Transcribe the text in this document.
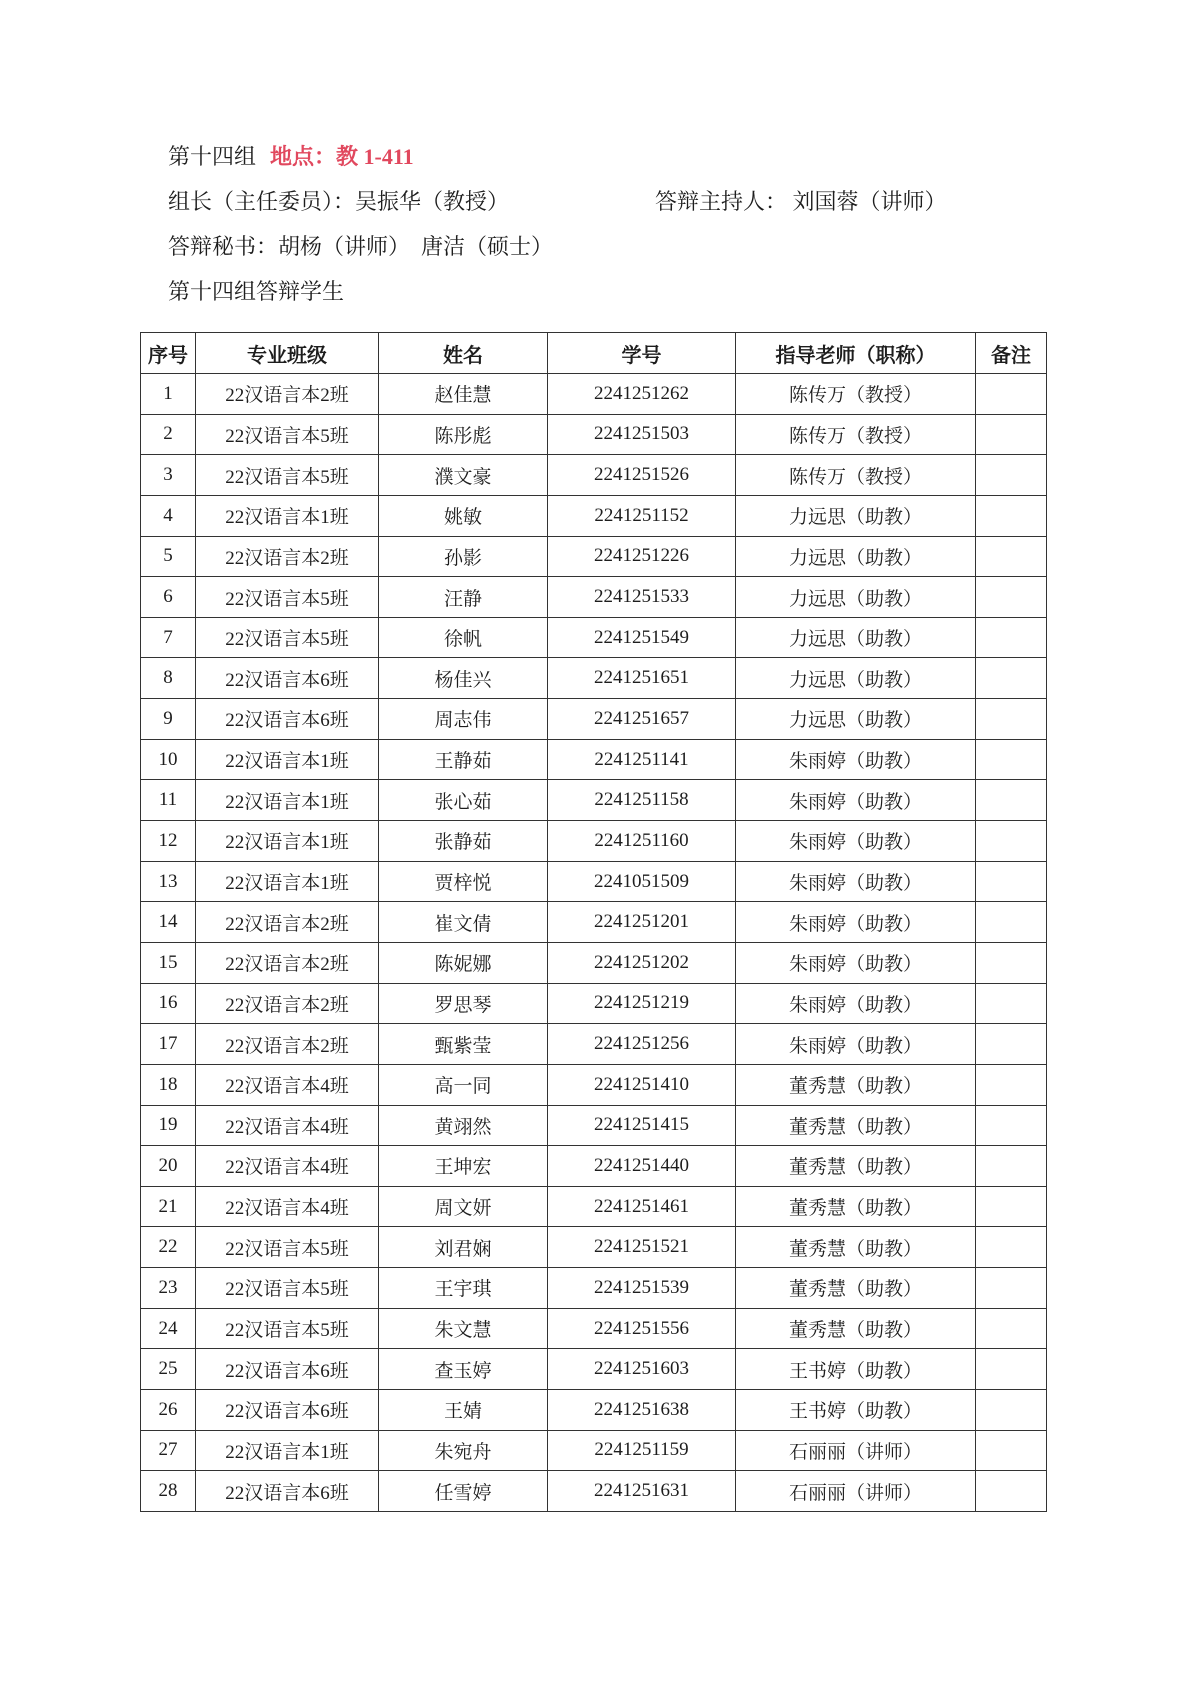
第十四组 地点：教 1-411
组长（主任委员）：吴振华（教授）	答辩主持人： 刘国蓉（讲师）
答辩秘书：胡杨（讲师）　唐洁（硕士）
第十四组答辩学生
序号	专业班级	姓名	学号	指导老师（职称）	备注
1	22汉语言本2班	赵佳慧	2241251262	陈传万（教授）	
2	22汉语言本5班	陈彤彪	2241251503	陈传万（教授）	
3	22汉语言本5班	濮文豪	2241251526	陈传万（教授）	
4	22汉语言本1班	姚敏	2241251152	力远思（助教）	
5	22汉语言本2班	孙影	2241251226	力远思（助教）	
6	22汉语言本5班	汪静	2241251533	力远思（助教）	
7	22汉语言本5班	徐帆	2241251549	力远思（助教）	
8	22汉语言本6班	杨佳兴	2241251651	力远思（助教）	
9	22汉语言本6班	周志伟	2241251657	力远思（助教）	
10	22汉语言本1班	王静茹	2241251141	朱雨婷（助教）	
11	22汉语言本1班	张心茹	2241251158	朱雨婷（助教）	
12	22汉语言本1班	张静茹	2241251160	朱雨婷（助教）	
13	22汉语言本1班	贾梓悦	2241051509	朱雨婷（助教）	
14	22汉语言本2班	崔文倩	2241251201	朱雨婷（助教）	
15	22汉语言本2班	陈妮娜	2241251202	朱雨婷（助教）	
16	22汉语言本2班	罗思琴	2241251219	朱雨婷（助教）	
17	22汉语言本2班	甄紫莹	2241251256	朱雨婷（助教）	
18	22汉语言本4班	高一同	2241251410	董秀慧（助教）	
19	22汉语言本4班	黄翊然	2241251415	董秀慧（助教）	
20	22汉语言本4班	王坤宏	2241251440	董秀慧（助教）	
21	22汉语言本4班	周文妍	2241251461	董秀慧（助教）	
22	22汉语言本5班	刘君娴	2241251521	董秀慧（助教）	
23	22汉语言本5班	王宇琪	2241251539	董秀慧（助教）	
24	22汉语言本5班	朱文慧	2241251556	董秀慧（助教）	
25	22汉语言本6班	查玉婷	2241251603	王书婷（助教）	
26	22汉语言本6班	王婧	2241251638	王书婷（助教）	
27	22汉语言本1班	朱宛舟	2241251159	石丽丽（讲师）	
28	22汉语言本6班	任雪婷	2241251631	石丽丽（讲师）	
